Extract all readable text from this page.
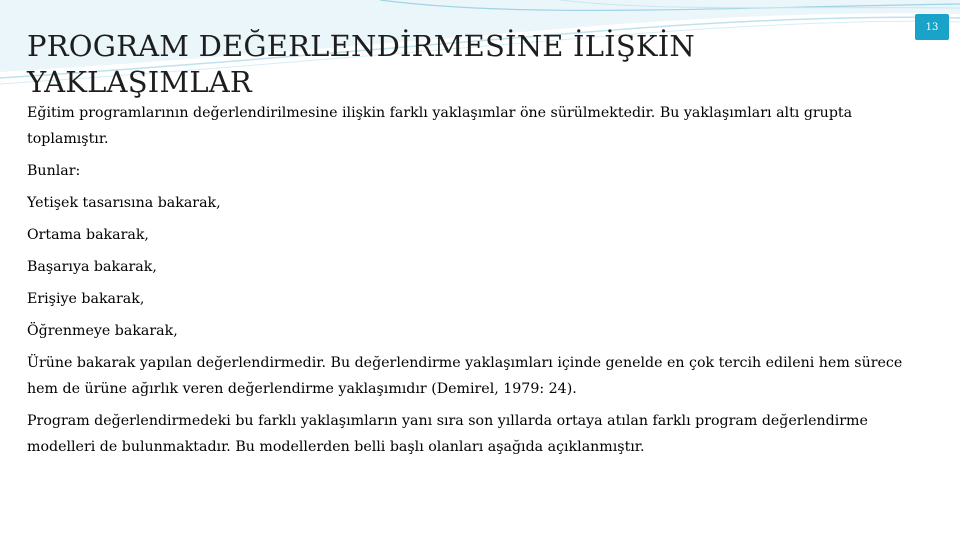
13
PROGRAM DEĞERLENDİRMESİNE İLİŞKİN YAKLAŞIMLAR

Eğitim programlarının değerlendirilmesine ilişkin farklı yaklaşımlar öne sürülmektedir. Bu yaklaşımları altı grupta toplamıştır.

Bunlar:

Yetişek tasarısına bakarak,

Ortama bakarak,

Başarıya bakarak,

Erişiye bakarak,

Öğrenmeye bakarak,

Ürüne bakarak yapılan değerlendirmedir. Bu değerlendirme yaklaşımları içinde genelde en çok tercih edileni hem sürece hem de ürüne ağırlık veren değerlendirme yaklaşımıdır (Demirel, 1979: 24).

Program değerlendirmedeki bu farklı yaklaşımların yanı sıra son yıllarda ortaya atılan farklı program değerlendirme modelleri de bulunmaktadır. Bu modellerden belli başlı olanları aşağıda açıklanmıştır.
